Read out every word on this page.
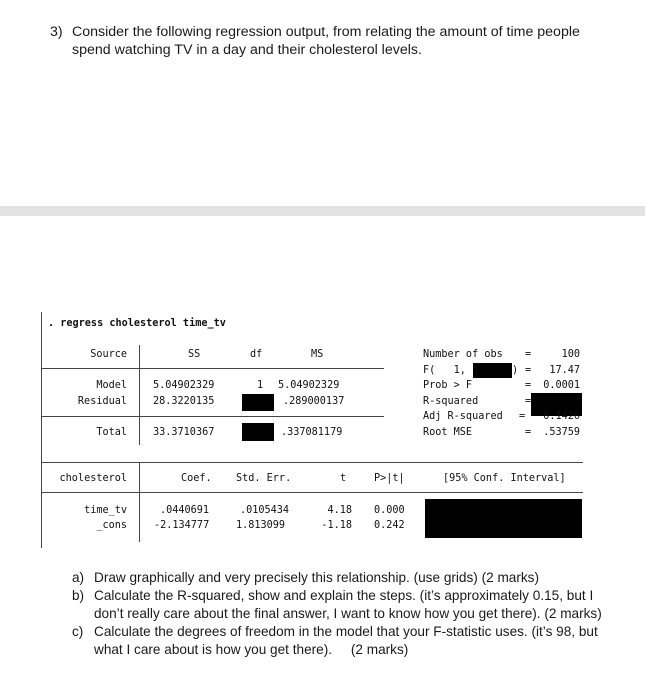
3) Consider the following regression output, from relating the amount of time people spend watching TV in a day and their cholesterol levels.
. regress cholesterol time_tv
Source	SS	df	MS
Model	5.04902329	1 5.04902329
Residual	28.3220135	.289000137
Total	33.3710367	.337081179
Number of obs =	100
F(   1,	) =	17.47
Prob > F	=	0.0001
R-squared	=
Adj R-squared =	0.1426
Root MSE	=	.53759
cholesterol	Coef. Std. Err.	t	P>|t|	[95% Conf. Interval]
time_tv	.0440691	.0105434	4.18 0.000
_cons	-2.134777	1.813099	-1.18 0.242
a) Draw graphically and very precisely this relationship. (use grids) (2 marks)
b) Calculate the R-squared, show and explain the steps. (it’s approximately 0.15, but I don’t really care about the final answer, I want to know how you get there). (2 marks)
c) Calculate the degrees of freedom in the model that your F-statistic uses. (it’s 98, but what I care about is how you get there).     (2 marks)
